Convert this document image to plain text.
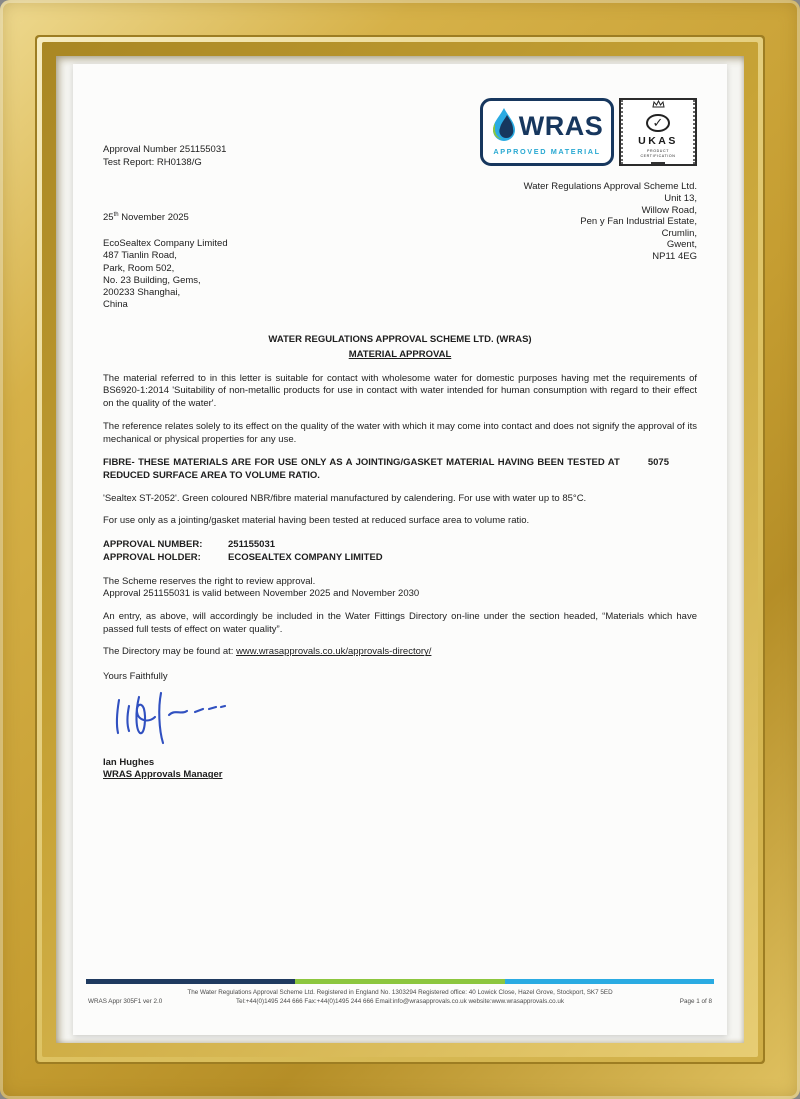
Approval Number 251155031
Test Report: RH0138/G
WRAS
APPROVED MATERIAL
✓
UKAS
PRODUCT
CERTIFICATION
25th November 2025
EcoSealtex Company Limited
487 Tianlin Road,
Park, Room 502,
No. 23 Building, Gems,
200233 Shanghai,
China
Water Regulations Approval Scheme Ltd.
Unit 13,
Willow Road,
Pen y Fan Industrial Estate,
Crumlin,
Gwent,
NP11 4EG
WATER REGULATIONS APPROVAL SCHEME LTD. (WRAS)
MATERIAL APPROVAL

The material referred to in this letter is suitable for contact with wholesome water for domestic purposes having met the requirements of BS6920-1:2014 'Suitability of non-metallic products for use in contact with water intended for human consumption with regard to their effect on the quality of the water'.

The reference relates solely to its effect on the quality of the water with which it may come into contact and does not signify the approval of its mechanical or physical properties for any use.

FIBRE- THESE MATERIALS ARE FOR USE ONLY AS A JOINTING/GASKET MATERIAL HAVING BEEN TESTED AT REDUCED SURFACE AREA TO VOLUME RATIO.
5075

'Sealtex ST-2052'. Green coloured NBR/fibre material manufactured by calendering. For use with water up to 85°C.

For use only as a jointing/gasket material having been tested at reduced surface area to volume ratio.

APPROVAL NUMBER:	251155031
APPROVAL HOLDER:	ECOSEALTEX COMPANY LIMITED
The Scheme reserves the right to review approval.
Approval 251155031 is valid between November 2025 and November 2030

An entry, as above, will accordingly be included in the Water Fittings Directory on-line under the section headed, “Materials which have passed full tests of effect on water quality”.

The Directory may be found at: www.wrasapprovals.co.uk/approvals-directory/
Yours Faithfully
Ian Hughes
WRAS Approvals Manager
The Water Regulations Approval Scheme Ltd. Registered in England No. 1303294 Registered office: 40 Lowick Close, Hazel Grove, Stockport, SK7 5ED
Tel:+44(0)1495 244 666 Fax:+44(0)1495 244 666 Email:info@wrasapprovals.co.uk website:www.wrasapprovals.co.uk
WRAS Appr 305F1 ver 2.0	Page 1 of 8
